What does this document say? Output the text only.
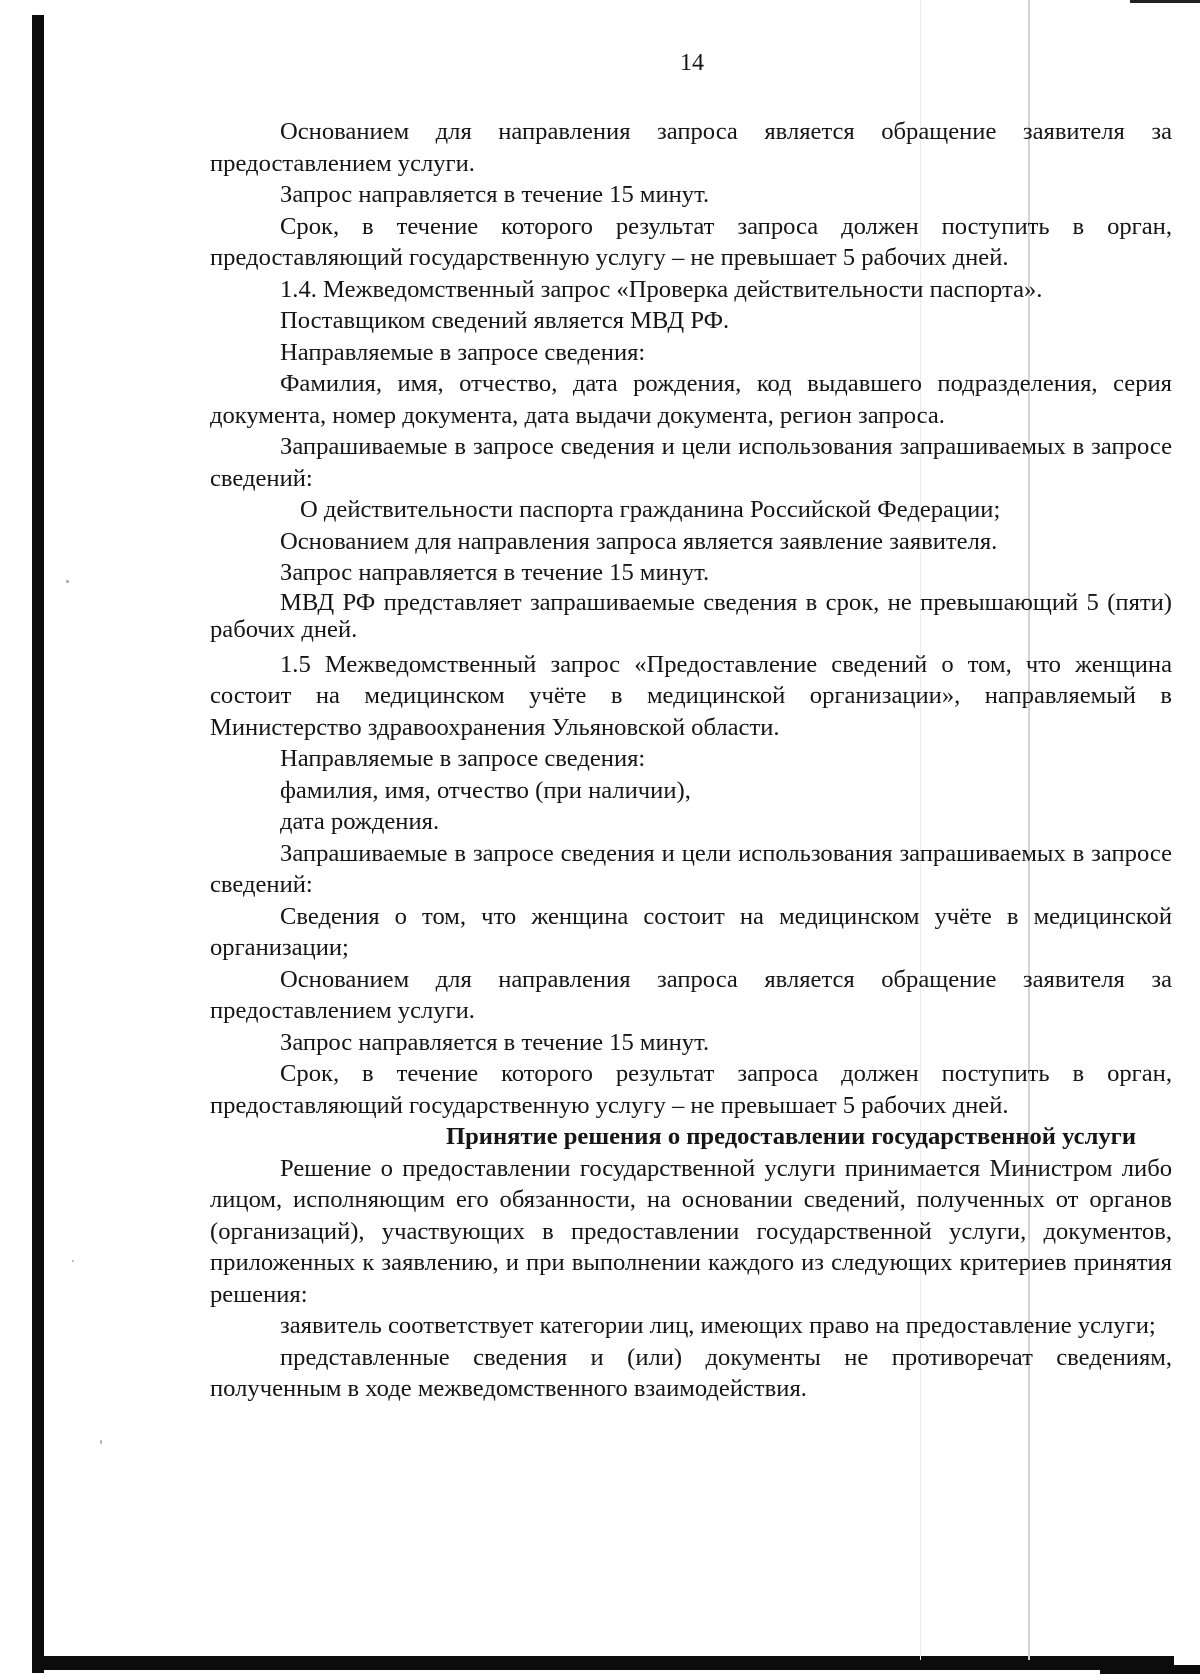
14

Основанием для направления запроса является обращение заявителя за предоставлением услуги.

Запрос направляется в течение 15 минут.

Срок, в течение которого результат запроса должен поступить в орган, предоставляющий государственную услугу – не превышает 5 рабочих дней.

1.4. Межведомственный запрос «Проверка действительности паспорта».

Поставщиком сведений является МВД РФ.

Направляемые в запросе сведения:

Фамилия, имя, отчество, дата рождения, код выдавшего подразделения, серия документа, номер документа, дата выдачи документа, регион запроса.

Запрашиваемые в запросе сведения и цели использования запрашиваемых в запросе сведений:

О действительности паспорта гражданина Российской Федерации;

Основанием для направления запроса является заявление заявителя.

Запрос направляется в течение 15 минут.

МВД РФ представляет запрашиваемые сведения в срок, не превышающий 5 (пяти) рабочих дней.

1.5 Межведомственный запрос «Предоставление сведений о том, что женщина состоит на медицинском учёте в медицинской организации», направляемый в Министерство здравоохранения Ульяновской области.

Направляемые в запросе сведения:

фамилия, имя, отчество (при наличии),

дата рождения.

Запрашиваемые в запросе сведения и цели использования запрашиваемых в запросе сведений:

Сведения о том, что женщина состоит на медицинском учёте в медицинской организации;

Основанием для направления запроса является обращение заявителя за предоставлением услуги.

Запрос направляется в течение 15 минут.

Срок, в течение которого результат запроса должен поступить в орган, предоставляющий государственную услугу – не превышает 5 рабочих дней.

Принятие решения о предоставлении государственной услуги

Решение о предоставлении государственной услуги принимается Министром либо лицом, исполняющим его обязанности, на основании сведений, полученных от органов (организаций), участвующих в предоставлении государственной услуги, документов, приложенных к заявлению, и при выполнении каждого из следующих критериев принятия решения:

заявитель соответствует категории лиц, имеющих право на предоставление услуги;

представленные сведения и (или) документы не противоречат сведениям, полученным в ходе межведомственного взаимодействия.
